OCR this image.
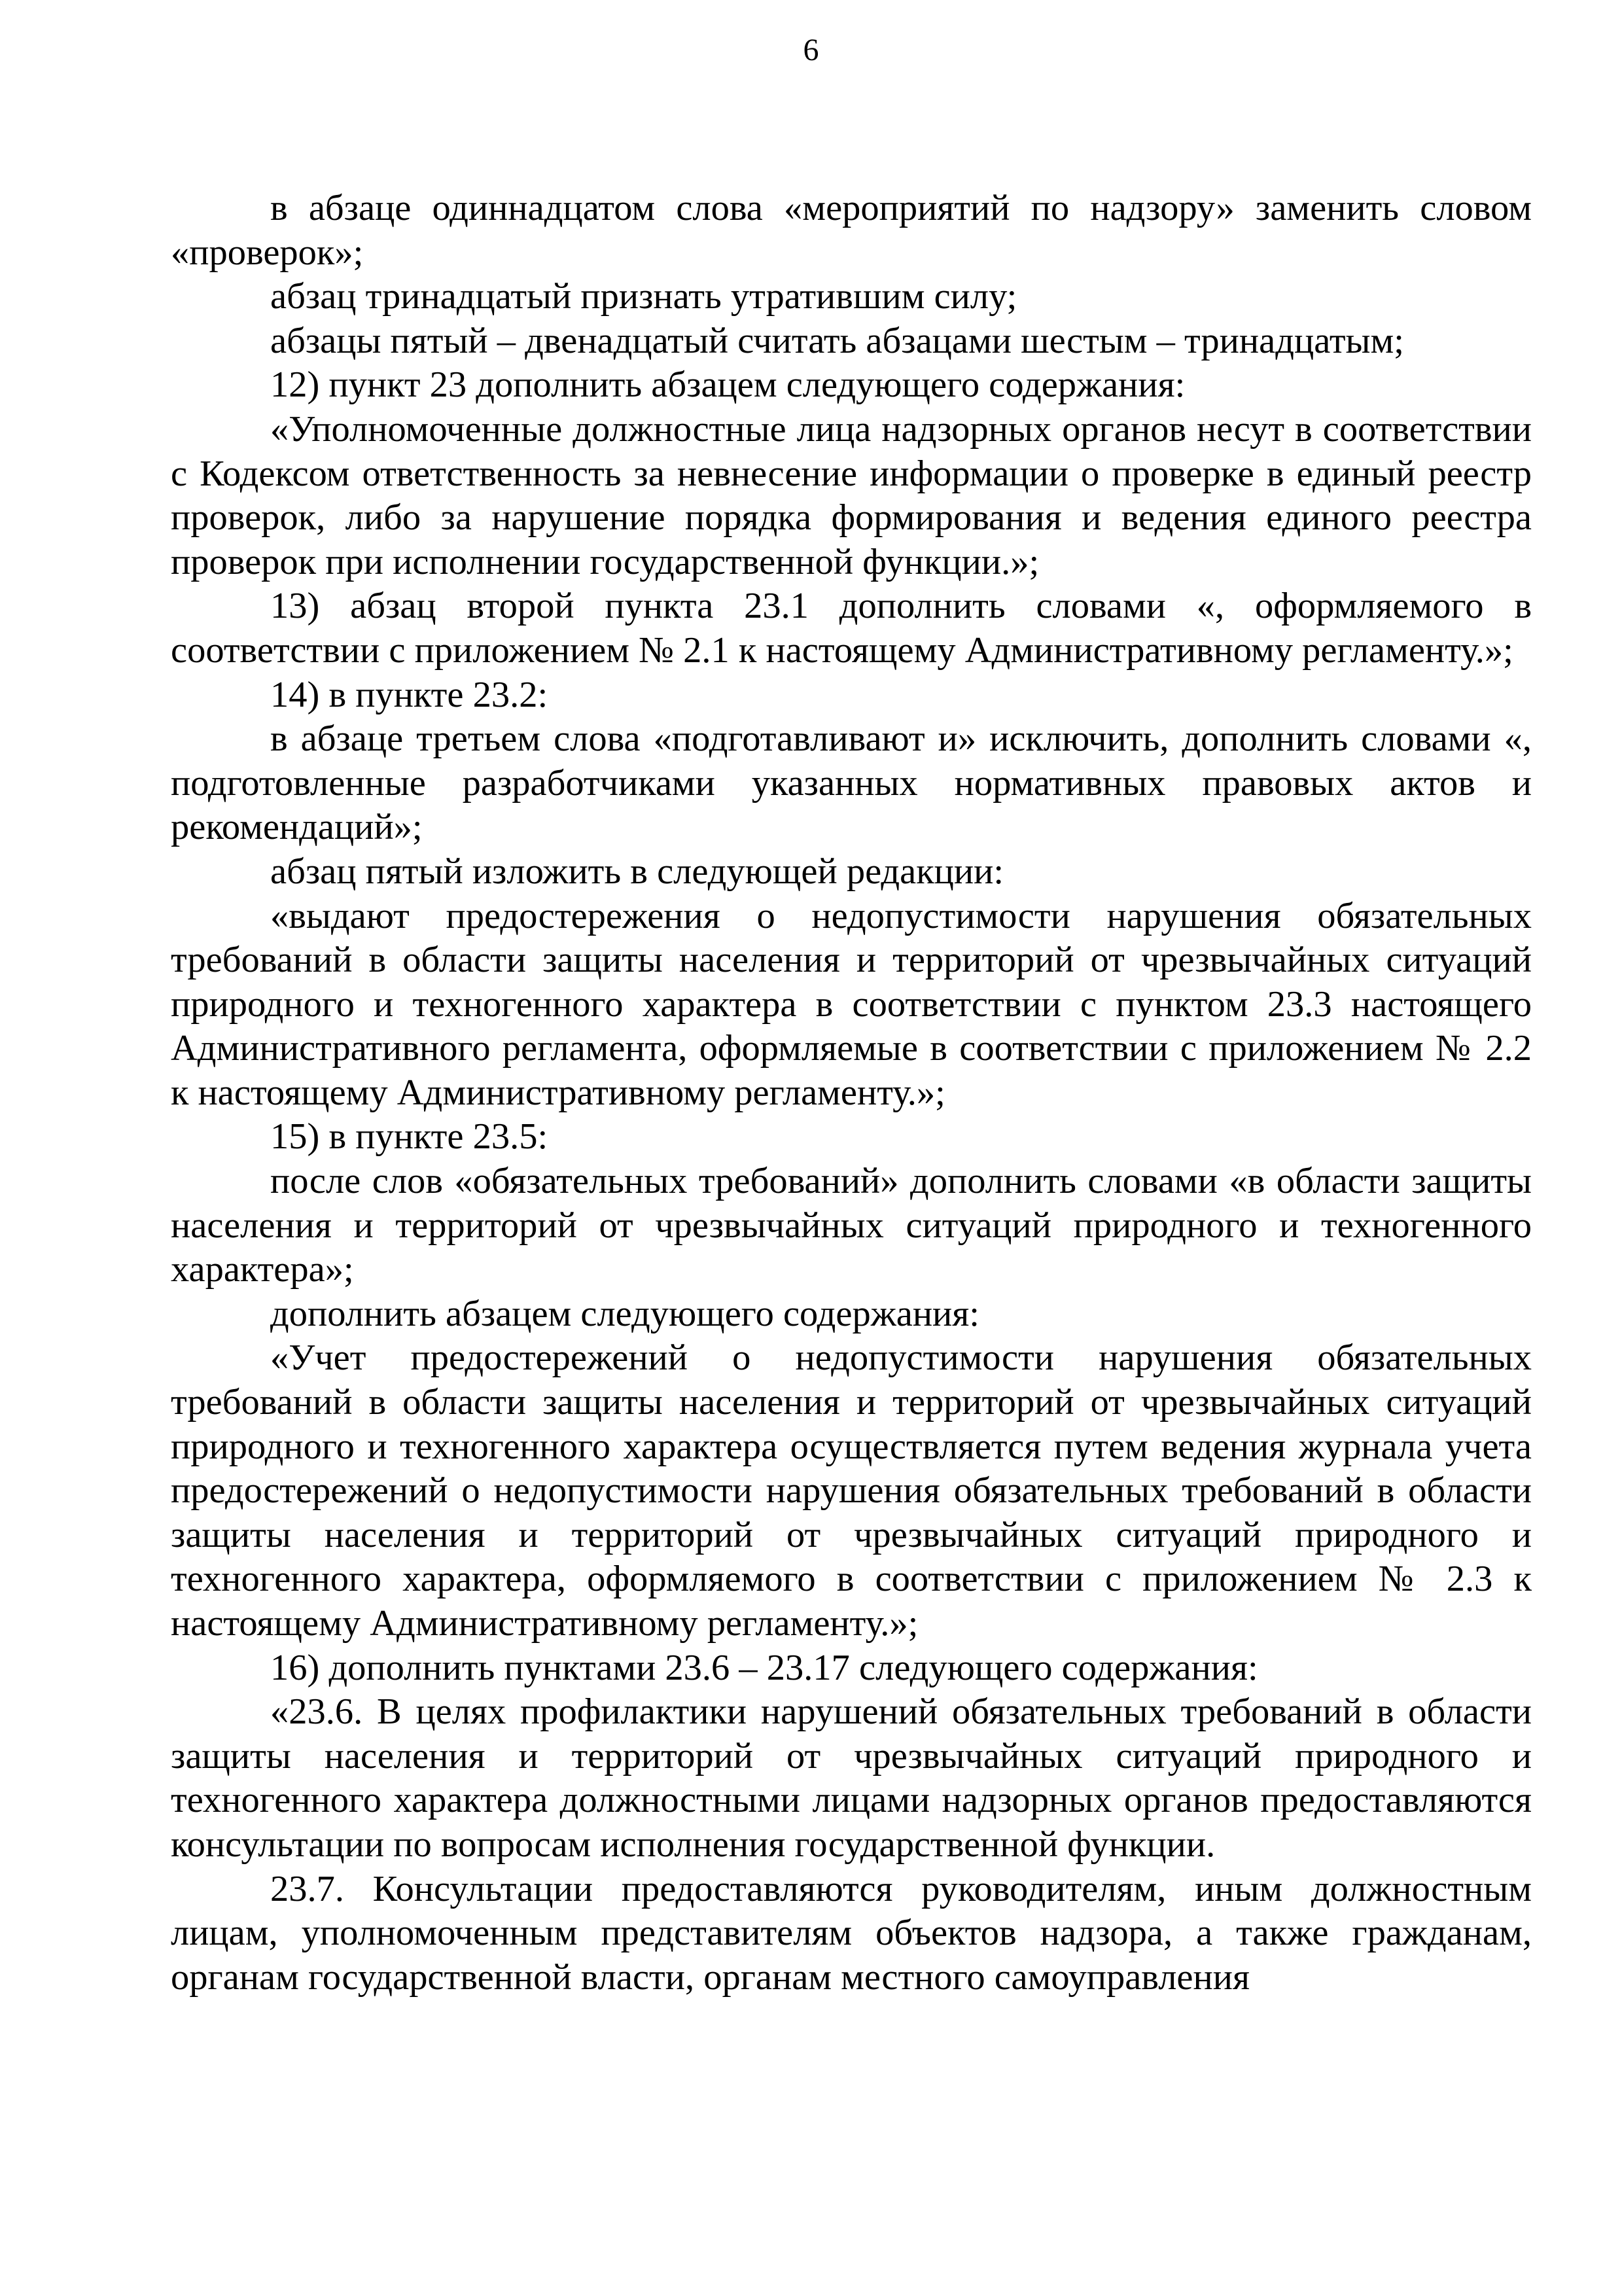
6

в абзаце одиннадцатом слова «мероприятий по надзору» заменить словом «проверок»;

абзац тринадцатый признать утратившим силу;

абзацы пятый – двенадцатый считать абзацами шестым – тринадцатым;

12) пункт 23 дополнить абзацем следующего содержания:

«Уполномоченные должностные лица надзорных органов несут в соответствии с Кодексом ответственность за невнесение информации о проверке в единый реестр проверок, либо за нарушение порядка формирования и ведения единого реестра проверок при исполнении государственной функции.»;

13) абзац второй пункта 23.1 дополнить словами «, оформляемого в соответствии с приложением № 2.1 к настоящему Административному регламенту.»;

14) в пункте 23.2:

в абзаце третьем слова «подготавливают и» исключить, дополнить словами «, подготовленные разработчиками указанных нормативных правовых актов и рекомендаций»;

абзац пятый изложить в следующей редакции:

«выдают предостережения о недопустимости нарушения обязательных требований в области защиты населения и территорий от чрезвычайных ситуаций природного и техногенного характера в соответствии с пунктом 23.3 настоящего Административного регламента, оформляемые в соответствии с приложением № 2.2 к настоящему Административному регламенту.»;

15) в пункте 23.5:

после слов «обязательных требований» дополнить словами «в области защиты населения и территорий от чрезвычайных ситуаций природного и техногенного характера»;

дополнить абзацем следующего содержания:

«Учет предостережений о недопустимости нарушения обязательных требований в области защиты населения и территорий от чрезвычайных ситуаций природного и техногенного характера осуществляется путем ведения журнала учета предостережений о недопустимости нарушения обязательных требований в области защиты населения и территорий от чрезвычайных ситуаций природного и техногенного характера, оформляемого в соответствии с приложением № 2.3 к настоящему Административному регламенту.»;

16) дополнить пунктами 23.6 – 23.17 следующего содержания:

«23.6. В целях профилактики нарушений обязательных требований в области защиты населения и территорий от чрезвычайных ситуаций природного и техногенного характера должностными лицами надзорных органов предоставляются консультации по вопросам исполнения государственной функции.

23.7. Консультации предоставляются руководителям, иным должностным лицам, уполномоченным представителям объектов надзора, а также гражданам, органам государственной власти, органам местного самоуправления
